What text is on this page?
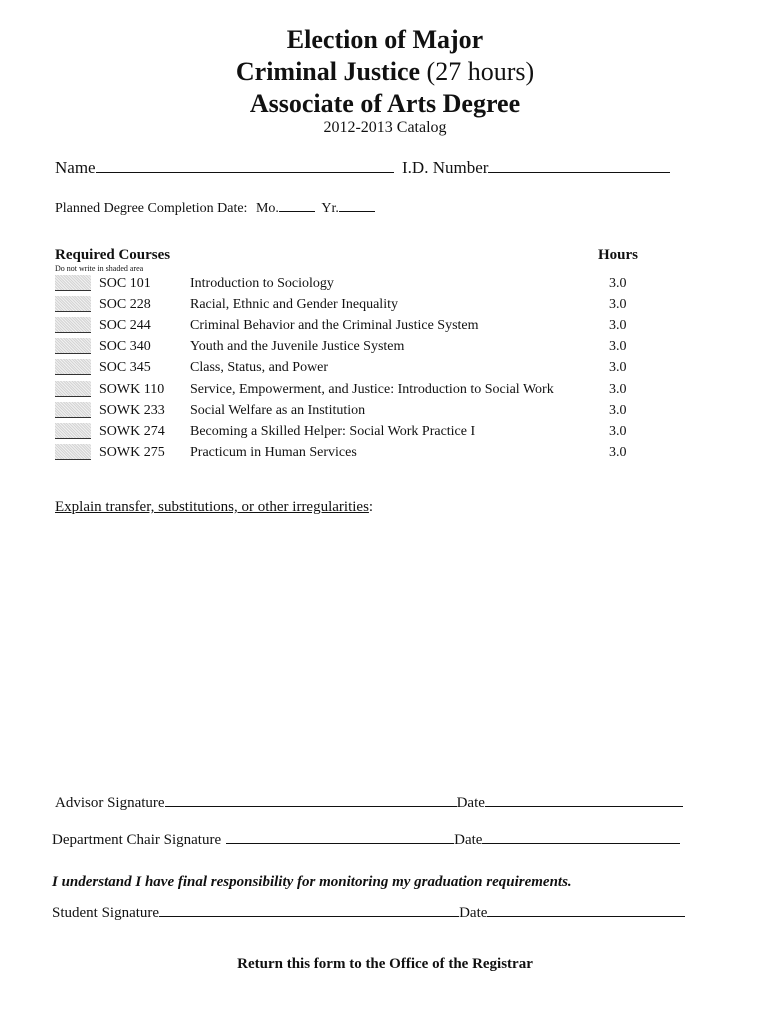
Election of Major
Criminal Justice (27 hours)
Associate of Arts Degree
2012-2013 Catalog
Name	I.D. Number
Planned Degree Completion Date: Mo.	Yr.
Required Courses	Hours
Do not write in shaded area
SOC 101	Introduction to Sociology	3.0
SOC 228	Racial, Ethnic and Gender Inequality	3.0
SOC 244	Criminal Behavior and the Criminal Justice System	3.0
SOC 340	Youth and the Juvenile Justice System	3.0
SOC 345	Class, Status, and Power	3.0
SOWK 110 Service, Empowerment, and Justice: Introduction to Social Work	3.0
SOWK 233 Social Welfare as an Institution	3.0
SOWK 274 Becoming a Skilled Helper: Social Work Practice I	3.0
SOWK 275 Practicum in Human Services	3.0
Explain transfer, substitutions, or other irregularities:
Advisor Signature	Date
Department Chair Signature	Date
I understand I have final responsibility for monitoring my graduation requirements.
Student Signature	Date
Return this form to the Office of the Registrar
